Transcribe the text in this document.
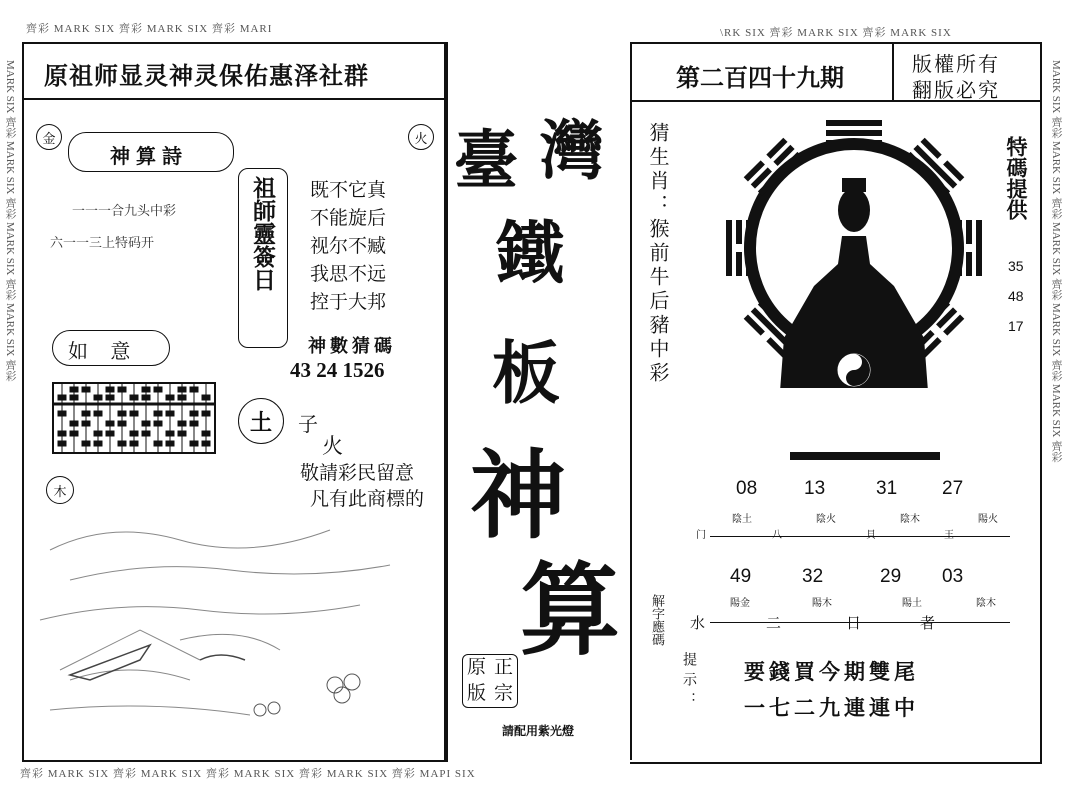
齊彩 MARK SIX 齊彩 MARK SIX 齊彩 MARI	\RK SIX 齊彩 MARK SIX 齊彩 MARK SIX
齊彩 MARK SIX 齊彩 MARK SIX 齊彩 MARK SIX 齊彩 MARK SIX 齊彩 MAPI SIX
MARK SIX 齊彩 MARK SIX 齊彩 MARK SIX 齊彩 MARK SIX 齊彩 MARK SIX 齊彩
MARK SIX 齊彩 MARK SIX 齊彩 MARK SIX 齊彩 MARK SIX 齊彩 原祖师显灵神灵保佑惠泽社群
金	火
神算詩
一一一合九头中彩
六一一三上特码开	祖師靈簽日 既不它真
不能旋后
视尔不臧
我思不远
控于大邦
神數猜碼
43 24 1526
如 意
土	子
火
敬請彩民留意
凡有此商標的
木
臺 灣
鐵
板
神
算
原 正
版 宗
請配用紫光燈
第二百四十九期	版權所有
翻版必究
猜生肖：猴前牛后豬中彩	特碼提供
35
48
17
08 13	31 27
陰土	陰火	陰木	陽火
门	八	貝	王
49	32	29 03
陽金	陽木	陽土	陰木
水	二	日	者
解字應碼
提示： 要錢買今期雙尾
一七二九連連中
